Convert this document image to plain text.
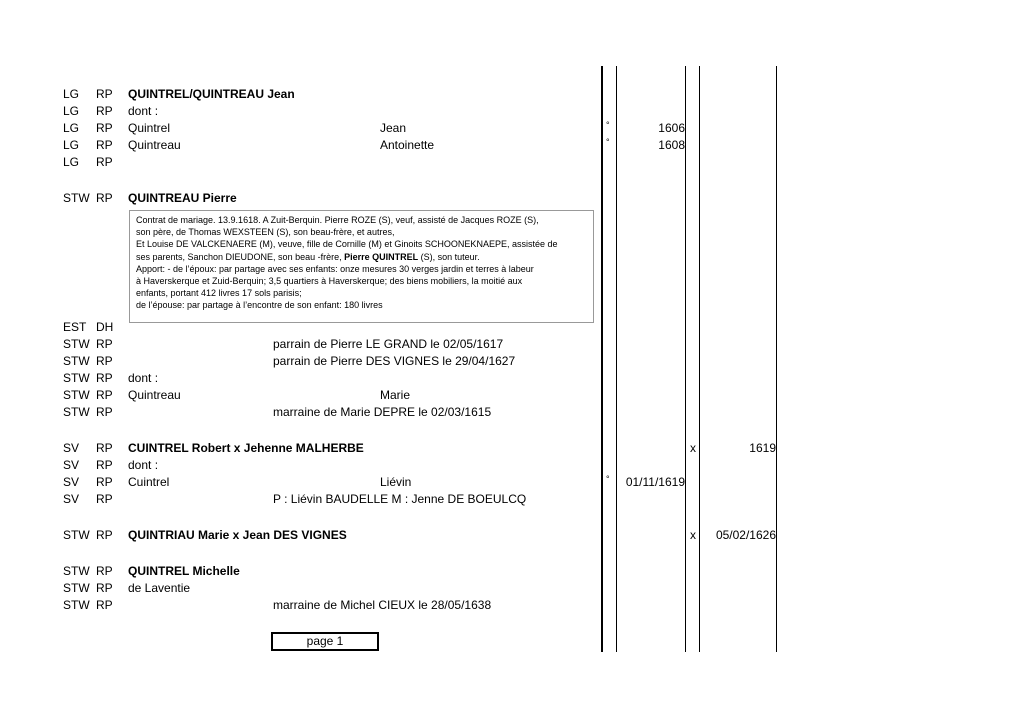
LG RP QUINTREL/QUINTREAU Jean
LG RP dont :
LG RP Quintrel	Jean	°	1606
LG RP Quintreau	Antoinette	°	1608
LG RP
STW RP QUINTREAU Pierre
EST DH
STW RP	parrain de Pierre LE GRAND le 02/05/1617
STW RP	parrain de Pierre DES VIGNES le 29/04/1627
STW RP dont :
STW RP Quintreau	Marie
STW RP	marraine de Marie DEPRE le 02/03/1615
SV RP CUINTREL Robert x Jehenne MALHERBE	x	1619
SV RP dont :
SV RP Cuintrel	Liévin	°	01/11/1619
SV RP	P : Liévin BAUDELLE M : Jenne DE BOEULCQ
STW RP QUINTRIAU Marie x Jean DES VIGNES	x	05/02/1626
STW RP QUINTREL Michelle
STW RP de Laventie
STW RP	marraine de Michel CIEUX le 28/05/1638
Contrat de mariage. 13.9.1618. A Zuit-Berquin. Pierre ROZE (S), veuf, assisté de Jacques ROZE (S),
son père, de Thomas WEXSTEEN (S), son beau-frère, et autres,
Et Louise DE VALCKENAERE (M), veuve, fille de Cornille (M) et Ginoits SCHOONEKNAEPE, assistée de
ses parents, Sanchon DIEUDONE, son beau -frère, Pierre QUINTREL (S), son tuteur.
Apport: - de l’époux: par partage avec ses enfants: onze mesures 30 verges jardin et terres à labeur
à Haverskerque et Zuid-Berquin; 3,5 quartiers à Haverskerque; des biens mobiliers, la moitié aux
enfants, portant 412 livres 17 sols parisis;
de l’épouse: par partage à l’encontre de son enfant: 180 livres
page 1
